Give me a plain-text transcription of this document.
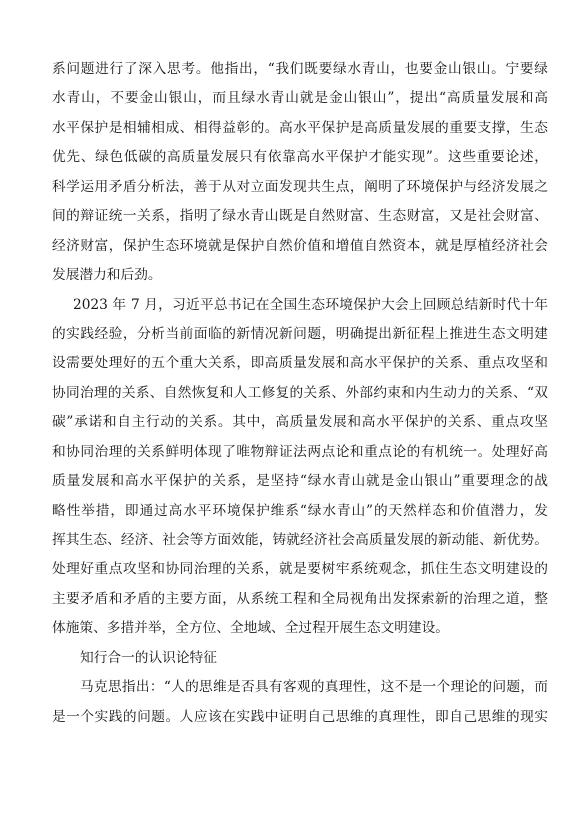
系问题进行了深入思考。他指出，“我们既要绿水青山，也要金山银山。宁要绿
水青山，不要金山银山，而且绿水青山就是金山银山”，提出“高质量发展和高
水平保护是相辅相成、相得益彰的。高水平保护是高质量发展的重要支撑，生态
优先、绿色低碳的高质量发展只有依靠高水平保护才能实现”。这些重要论述，
科学运用矛盾分析法，善于从对立面发现共生点，阐明了环境保护与经济发展之
间的辩证统一关系，指明了绿水青山既是自然财富、生态财富，又是社会财富、
经济财富，保护生态环境就是保护自然价值和增值自然资本，就是厚植经济社会
发展潜力和后劲。
2023 年 7 月，习近平总书记在全国生态环境保护大会上回顾总结新时代十年
的实践经验，分析当前面临的新情况新问题，明确提出新征程上推进生态文明建
设需要处理好的五个重大关系，即高质量发展和高水平保护的关系、重点攻坚和
协同治理的关系、自然恢复和人工修复的关系、外部约束和内生动力的关系、“双
碳”承诺和自主行动的关系。其中，高质量发展和高水平保护的关系、重点攻坚
和协同治理的关系鲜明体现了唯物辩证法两点论和重点论的有机统一。处理好高
质量发展和高水平保护的关系，是坚持“绿水青山就是金山银山”重要理念的战
略性举措，即通过高水平环境保护维系“绿水青山”的天然样态和价值潜力，发
挥其生态、经济、社会等方面效能，铸就经济社会高质量发展的新动能、新优势。
处理好重点攻坚和协同治理的关系，就是要树牢系统观念，抓住生态文明建设的
主要矛盾和矛盾的主要方面，从系统工程和全局视角出发探索新的治理之道，整
体施策、多措并举，全方位、全地域、全过程开展生态文明建设。
知行合一的认识论特征
马克思指出：“人的思维是否具有客观的真理性，这不是一个理论的问题，而
是一个实践的问题。人应该在实践中证明自己思维的真理性，即自己思维的现实
